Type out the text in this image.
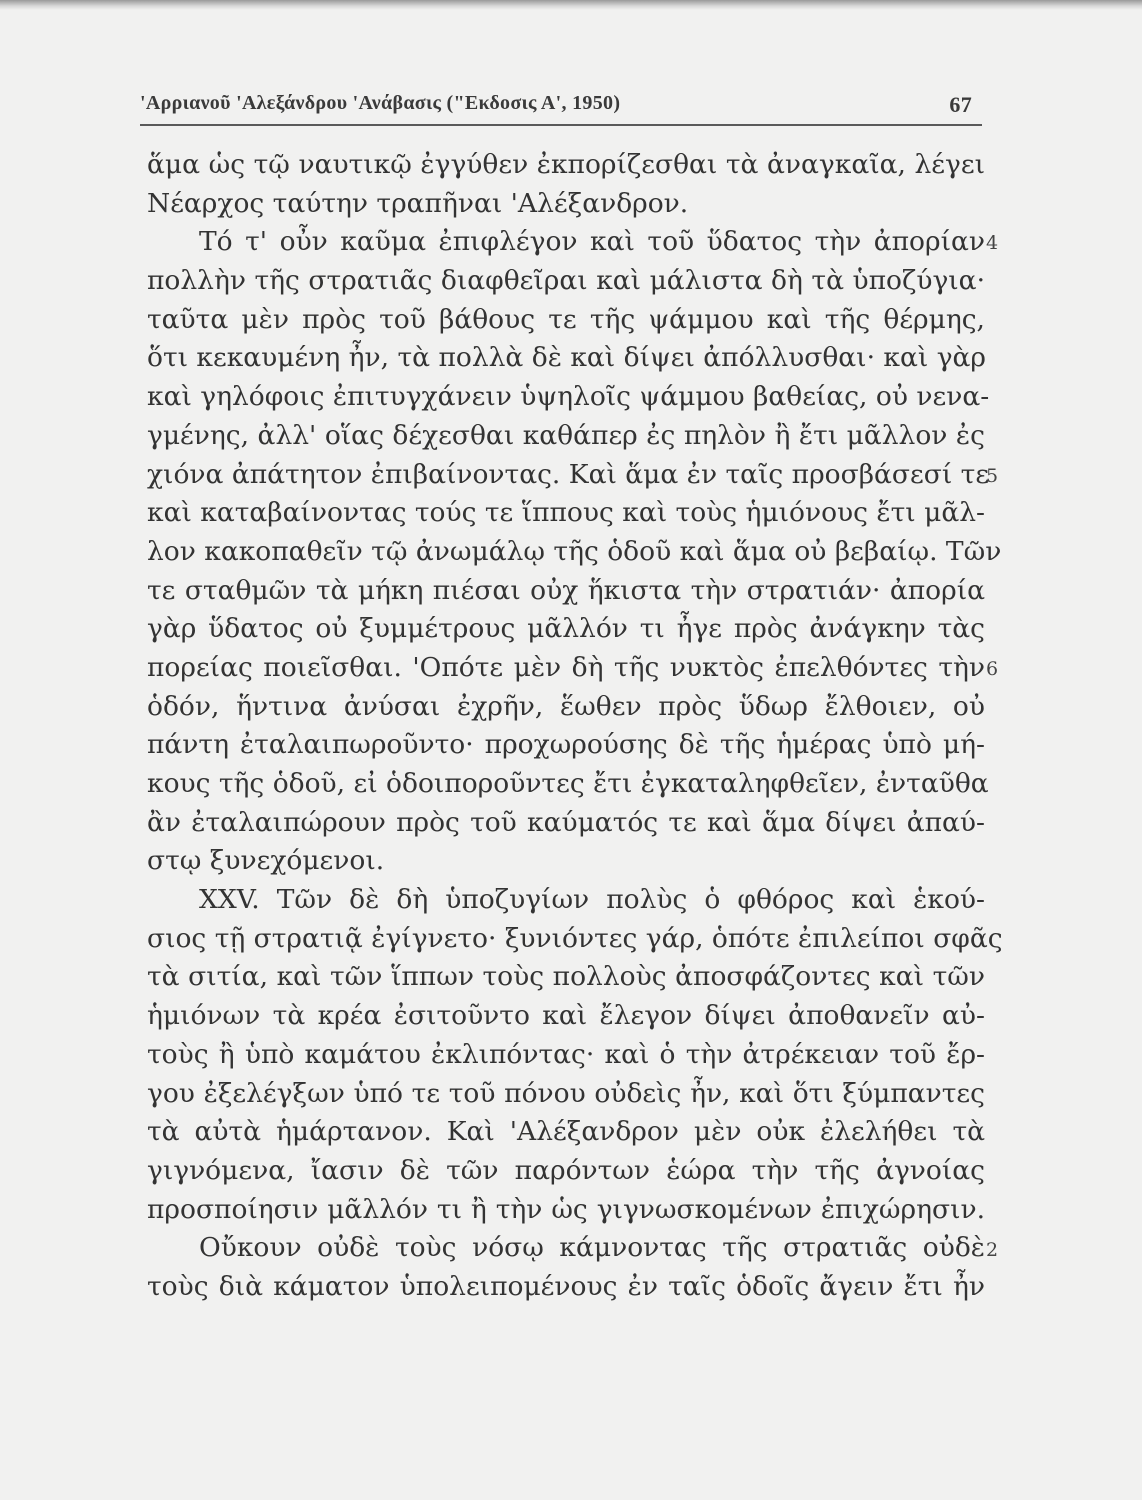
'Αρριανοῦ 'Αλεξάνδρου 'Ανάβασις ("Εκδοσις Α', 1950)	67
ἅμα ὡς τῷ ναυτικῷ ἐγγύθεν ἐκπορίζεσθαι τὰ ἀναγκαῖα, λέγει
Νέαρχος ταύτην τραπῆναι 'Αλέξανδρον.
Τό τ' οὖν καῦμα ἐπιφλέγον καὶ τοῦ ὕδατος τὴν ἀπορίαν
πολλὴν τῆς στρατιᾶς διαφθεῖραι καὶ μάλιστα δὴ τὰ ὑποζύγια·
ταῦτα μὲν πρὸς τοῦ βάθους τε τῆς ψάμμου καὶ τῆς θέρμης,
ὅτι κεκαυμένη ἦν, τὰ πολλὰ δὲ καὶ δίψει ἀπόλλυσθαι· καὶ γὰρ
καὶ γηλόφοις ἐπιτυγχάνειν ὑψηλοῖς ψάμμου βαθείας, οὐ νενα-
γμένης, ἀλλ' οἵας δέχεσθαι καθάπερ ἐς πηλὸν ἢ ἔτι μᾶλλον ἐς
χιόνα ἀπάτητον ἐπιβαίνοντας. Καὶ ἅμα ἐν ταῖς προσβάσεσί τε
καὶ καταβαίνοντας τούς τε ἵππους καὶ τοὺς ἡμιόνους ἔτι μᾶλ-
λον κακοπαθεῖν τῷ ἀνωμάλῳ τῆς ὁδοῦ καὶ ἅμα οὐ βεβαίῳ. Τῶν
τε σταθμῶν τὰ μήκη πιέσαι οὐχ ἥκιστα τὴν στρατιάν· ἀπορία
γὰρ ὕδατος οὐ ξυμμέτρους μᾶλλόν τι ἦγε πρὸς ἀνάγκην τὰς
πορείας ποιεῖσθαι. 'Οπότε μὲν δὴ τῆς νυκτὸς ἐπελθόντες τὴν
ὁδόν, ἥντινα ἀνύσαι ἐχρῆν, ἕωθεν πρὸς ὕδωρ ἔλθοιεν, οὐ
πάντη ἐταλαιπωροῦντο· προχωρούσης δὲ τῆς ἡμέρας ὑπὸ μή-
κους τῆς ὁδοῦ, εἰ ὁδοιποροῦντες ἔτι ἐγκαταληφθεῖεν, ἐνταῦθα
ἂν ἐταλαιπώρουν πρὸς τοῦ καύματός τε καὶ ἅμα δίψει ἀπαύ-
στῳ ξυνεχόμενοι.
XXV. Τῶν δὲ δὴ ὑποζυγίων πολὺς ὁ φθόρος καὶ ἑκού-
σιος τῇ στρατιᾷ ἐγίγνετο· ξυνιόντες γάρ, ὁπότε ἐπιλείποι σφᾶς
τὰ σιτία, καὶ τῶν ἵππων τοὺς πολλοὺς ἀποσφάζοντες καὶ τῶν
ἡμιόνων τὰ κρέα ἐσιτοῦντο καὶ ἔλεγον δίψει ἀποθανεῖν αὐ-
τοὺς ἢ ὑπὸ καμάτου ἐκλιπόντας· καὶ ὁ τὴν ἀτρέκειαν τοῦ ἔρ-
γου ἐξελέγξων ὑπό τε τοῦ πόνου οὐδεὶς ἦν, καὶ ὅτι ξύμπαντες
τὰ αὐτὰ ἡμάρτανον. Καὶ 'Αλέξανδρον μὲν οὐκ ἐλελήθει τὰ
γιγνόμενα, ἴασιν δὲ τῶν παρόντων ἑώρα τὴν τῆς ἀγνοίας
προσποίησιν μᾶλλόν τι ἢ τὴν ὡς γιγνωσκομένων ἐπιχώρησιν.
Οὔκουν οὐδὲ τοὺς νόσῳ κάμνοντας τῆς στρατιᾶς οὐδὲ
τοὺς διὰ κάματον ὑπολειπομένους ἐν ταῖς ὁδοῖς ἄγειν ἔτι ἦν
4
5
6
2
